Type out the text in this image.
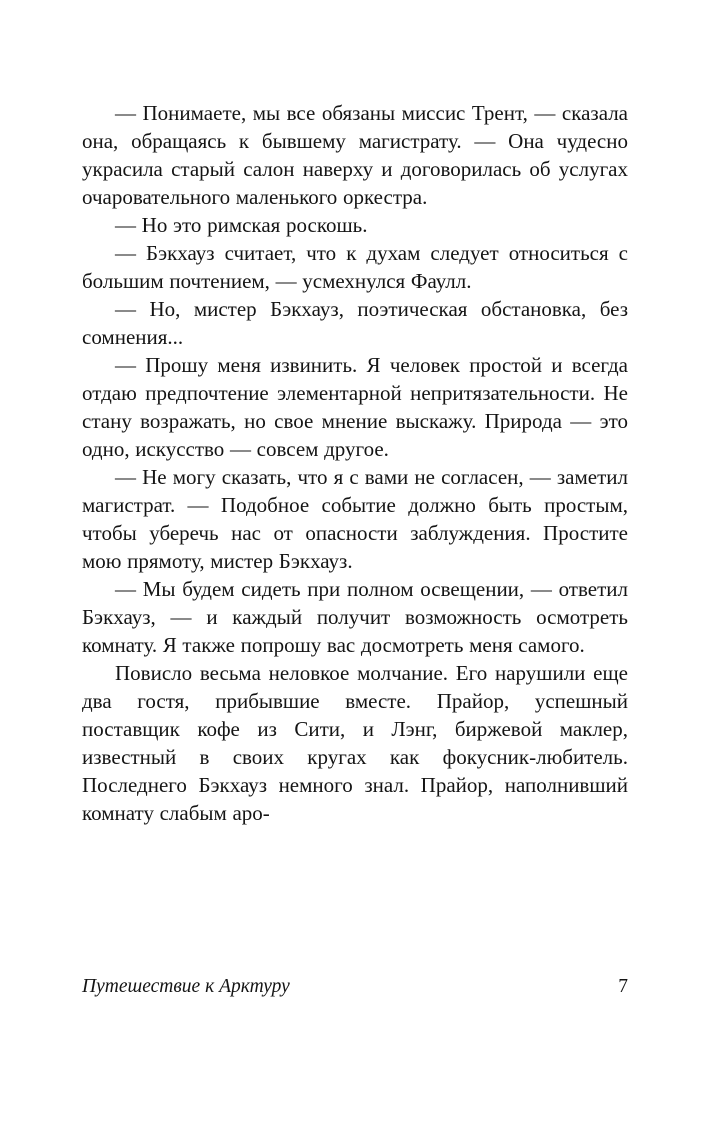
— Понимаете, мы все обязаны миссис Трент, — сказала она, обращаясь к бывшему магистрату. — Она чудесно украсила старый салон наверху и договорилась об услугах очаровательного маленького оркестра.

— Но это римская роскошь.

— Бэкхауз считает, что к духам следует относиться с большим почтением, — усмехнулся Фаулл.

— Но, мистер Бэкхауз, поэтическая обстановка, без сомнения...

— Прошу меня извинить. Я человек простой и всегда отдаю предпочтение элементарной непритязательности. Не стану возражать, но свое мнение выскажу. Природа — это одно, искусство — совсем другое.

— Не могу сказать, что я с вами не согласен, — заметил магистрат. — Подобное событие должно быть простым, чтобы уберечь нас от опасности заблуждения. Простите мою прямоту, мистер Бэкхауз.

— Мы будем сидеть при полном освещении, — ответил Бэкхауз, — и каждый получит возможность осмотреть комнату. Я также попрошу вас досмотреть меня самого.

Повисло весьма неловкое молчание. Его нарушили еще два гостя, прибывшие вместе. Прайор, успешный поставщик кофе из Сити, и Лэнг, биржевой маклер, известный в своих кругах как фокусник-любитель. Последнего Бэкхауз немного знал. Прайор, наполнивший комнату слабым аро-

Путешествие к Арктуру	7
